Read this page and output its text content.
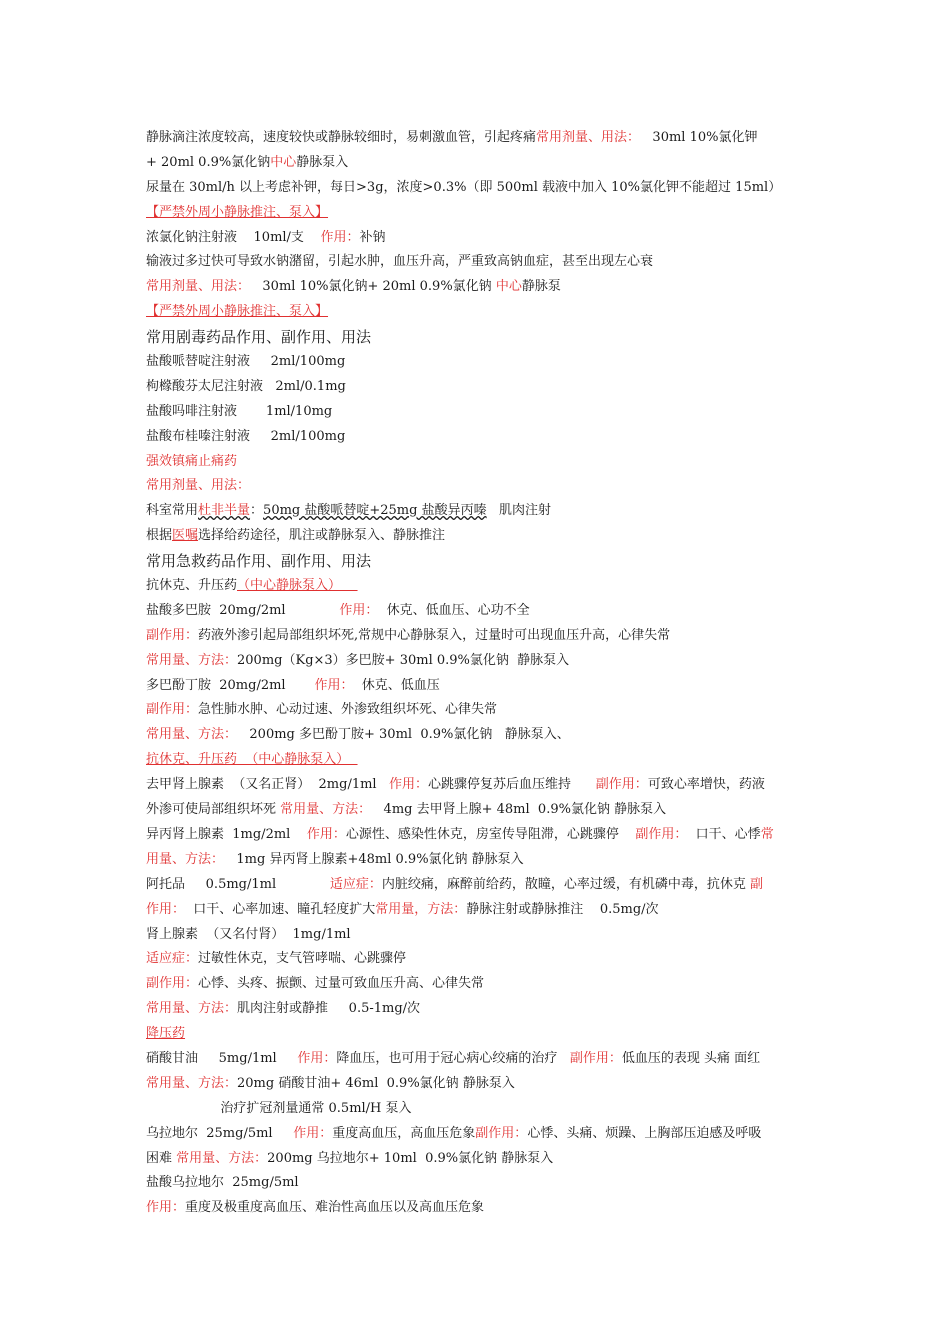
静脉滴注浓度较高，速度较快或静脉较细时，易刺激血管，引起疼痛常用剂量、用法：   30ml 10%氯化钾
+ 20ml 0.9%氯化钠中心静脉泵入
尿量在 30ml/h 以上考虑补钾，每日>3g，浓度>0.3%（即 500ml 载液中加入 10%氯化钾不能超过 15ml）
【严禁外周小静脉推注、泵入】
浓氯化钠注射液    10ml/支    作用：补钠
输液过多过快可导致水钠潴留，引起水肿，血压升高，严重致高钠血症，甚至出现左心衰
常用剂量、用法：   30ml 10%氯化钠+ 20ml 0.9%氯化钠 中心静脉泵
【严禁外周小静脉推注、泵入】
常用剧毒药品作用、副作用、用法
盐酸哌替啶注射液     2ml/100mg
枸橼酸芬太尼注射液   2ml/0.1mg
盐酸吗啡注射液       1ml/10mg
盐酸布桂嗪注射液     2ml/100mg
强效镇痛止痛药
常用剂量、用法：
科室常用杜非半量：50mg 盐酸哌替啶+25mg 盐酸异丙嗪   肌肉注射
根据医嘱选择给药途径，肌注或静脉泵入、静脉推注
常用急救药品作用、副作用、用法
抗休克、升压药（中心静脉泵入）
盐酸多巴胺  20mg/2ml             作用：  休克、低血压、心功不全
副作用：药液外渗引起局部组织坏死,常规中心静脉泵入，过量时可出现血压升高，心律失常
常用量、方法：200mg（Kg×3）多巴胺+ 30ml 0.9%氯化钠  静脉泵入
多巴酚丁胺  20mg/2ml       作用：  休克、低血压
副作用：急性肺水肿、心动过速、外渗致组织坏死、心律失常
常用量、方法：   200mg 多巴酚丁胺+ 30ml  0.9%氯化钠   静脉泵入、
抗休克、升压药  （中心静脉泵入）
去甲肾上腺素  （又名正肾）  2mg/1ml   作用：心跳骤停复苏后血压维持      副作用：可致心率增快，药液
外渗可使局部组织坏死 常用量、方法：   4mg 去甲肾上腺+ 48ml  0.9%氯化钠 静脉泵入
异丙肾上腺素  1mg/2ml    作用：心源性、感染性休克，房室传导阻滞，心跳骤停    副作用：  口干、心悸常
用量、方法：   1mg 异丙肾上腺素+48ml 0.9%氯化钠 静脉泵入
阿托品     0.5mg/1ml             适应症：内脏绞痛，麻醉前给药，散瞳，心率过缓，有机磷中毒，抗休克 副
作用：  口干、心率加速、瞳孔轻度扩大常用量，方法：静脉注射或静脉推注    0.5mg/次
肾上腺素  （又名付肾）  1mg/1ml
适应症：过敏性休克，支气管哮喘、心跳骤停
副作用：心悸、头疼、振颤、过量可致血压升高、心律失常
常用量、方法：肌肉注射或静推     0.5-1mg/次
降压药
硝酸甘油     5mg/1ml     作用：降血压，也可用于冠心病心绞痛的治疗   副作用：低血压的表现 头痛 面红
常用量、方法：20mg 硝酸甘油+ 46ml  0.9%氯化钠 静脉泵入
治疗扩冠剂量通常 0.5ml/H 泵入
乌拉地尔  25mg/5ml     作用：重度高血压，高血压危象副作用：心悸、头痛、烦躁、上胸部压迫感及呼吸
困难 常用量、方法：200mg 乌拉地尔+ 10ml  0.9%氯化钠 静脉泵入
盐酸乌拉地尔  25mg/5ml
作用：重度及极重度高血压、难治性高血压以及高血压危象
